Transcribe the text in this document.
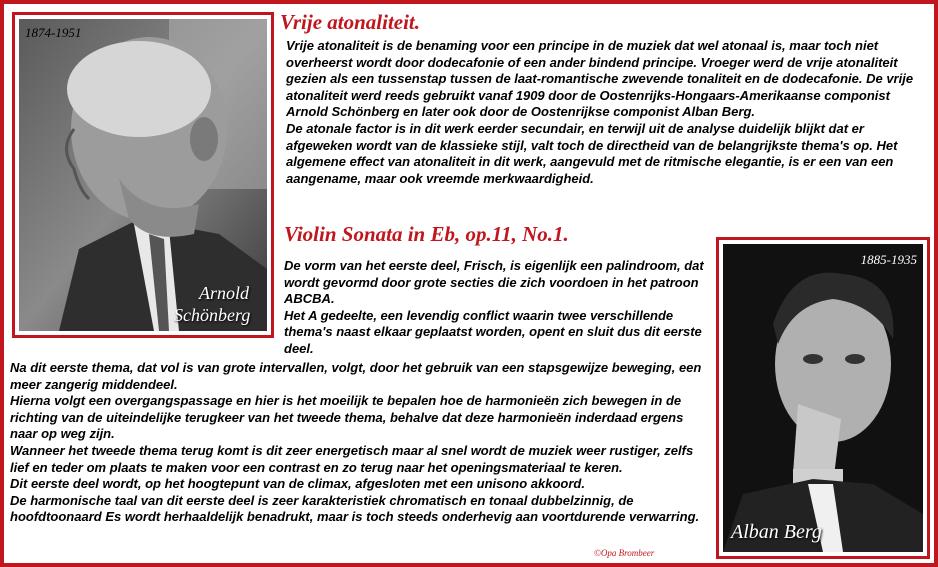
1874-1951
Arnold
Schönberg
1885-1935
Alban Berg
Vrije atonaliteit.

Vrije atonaliteit is de benaming voor een principe in de muziek dat wel atonaal is, maar toch niet overheerst wordt door dodecafonie of een ander bindend principe. Vroeger werd de vrije atonaliteit gezien als een tussenstap tussen de laat-romantische zwevende tonaliteit en de dodecafonie. De vrije atonaliteit werd reeds gebruikt vanaf 1909 door de Oostenrijks-Hongaars-Amerikaanse componist Arnold Schönberg en later ook door de Oostenrijkse componist Alban Berg.

De atonale factor is in dit werk eerder secundair, en terwijl uit de analyse duidelijk blijkt dat er afgeweken wordt van de klassieke stijl, valt toch de directheid van de belangrijkste thema's op. Het algemene effect van atonaliteit in dit werk, aangevuld met de ritmische elegantie, is er een van een aangename, maar ook vreemde merkwaardigheid.

Violin Sonata in Eb, op.11, No.1.

De vorm van het eerste deel, Frisch, is eigenlijk een palindroom, dat wordt gevormd door grote secties die zich voordoen in het patroon ABCBA.

Het A gedeelte, een levendig conflict waarin twee verschillende thema's naast elkaar geplaatst worden, opent en sluit dus dit eerste deel.

Na dit eerste thema, dat vol is van grote intervallen, volgt, door het gebruik van een stapsgewijze beweging, een meer zangerig middendeel.

Hierna volgt een overgangspassage en hier is het moeilijk te bepalen hoe de harmonieën zich bewegen in de richting van de uiteindelijke terugkeer van het tweede thema, behalve dat deze harmonieën inderdaad ergens naar op weg zijn.

Wanneer het tweede thema terug komt is dit zeer energetisch maar al snel wordt de muziek weer rustiger, zelfs lief en teder om plaats te maken voor een contrast en zo terug naar het openingsmateriaal te keren.

Dit eerste deel wordt, op het hoogtepunt van de climax, afgesloten met een unisono akkoord.

De harmonische taal van dit eerste deel is zeer karakteristiek chromatisch en tonaal dubbelzinnig, de hoofdtoonaard Es wordt herhaaldelijk benadrukt, maar is toch steeds onderhevig aan voortdurende verwarring.

©Opa Brombeer
